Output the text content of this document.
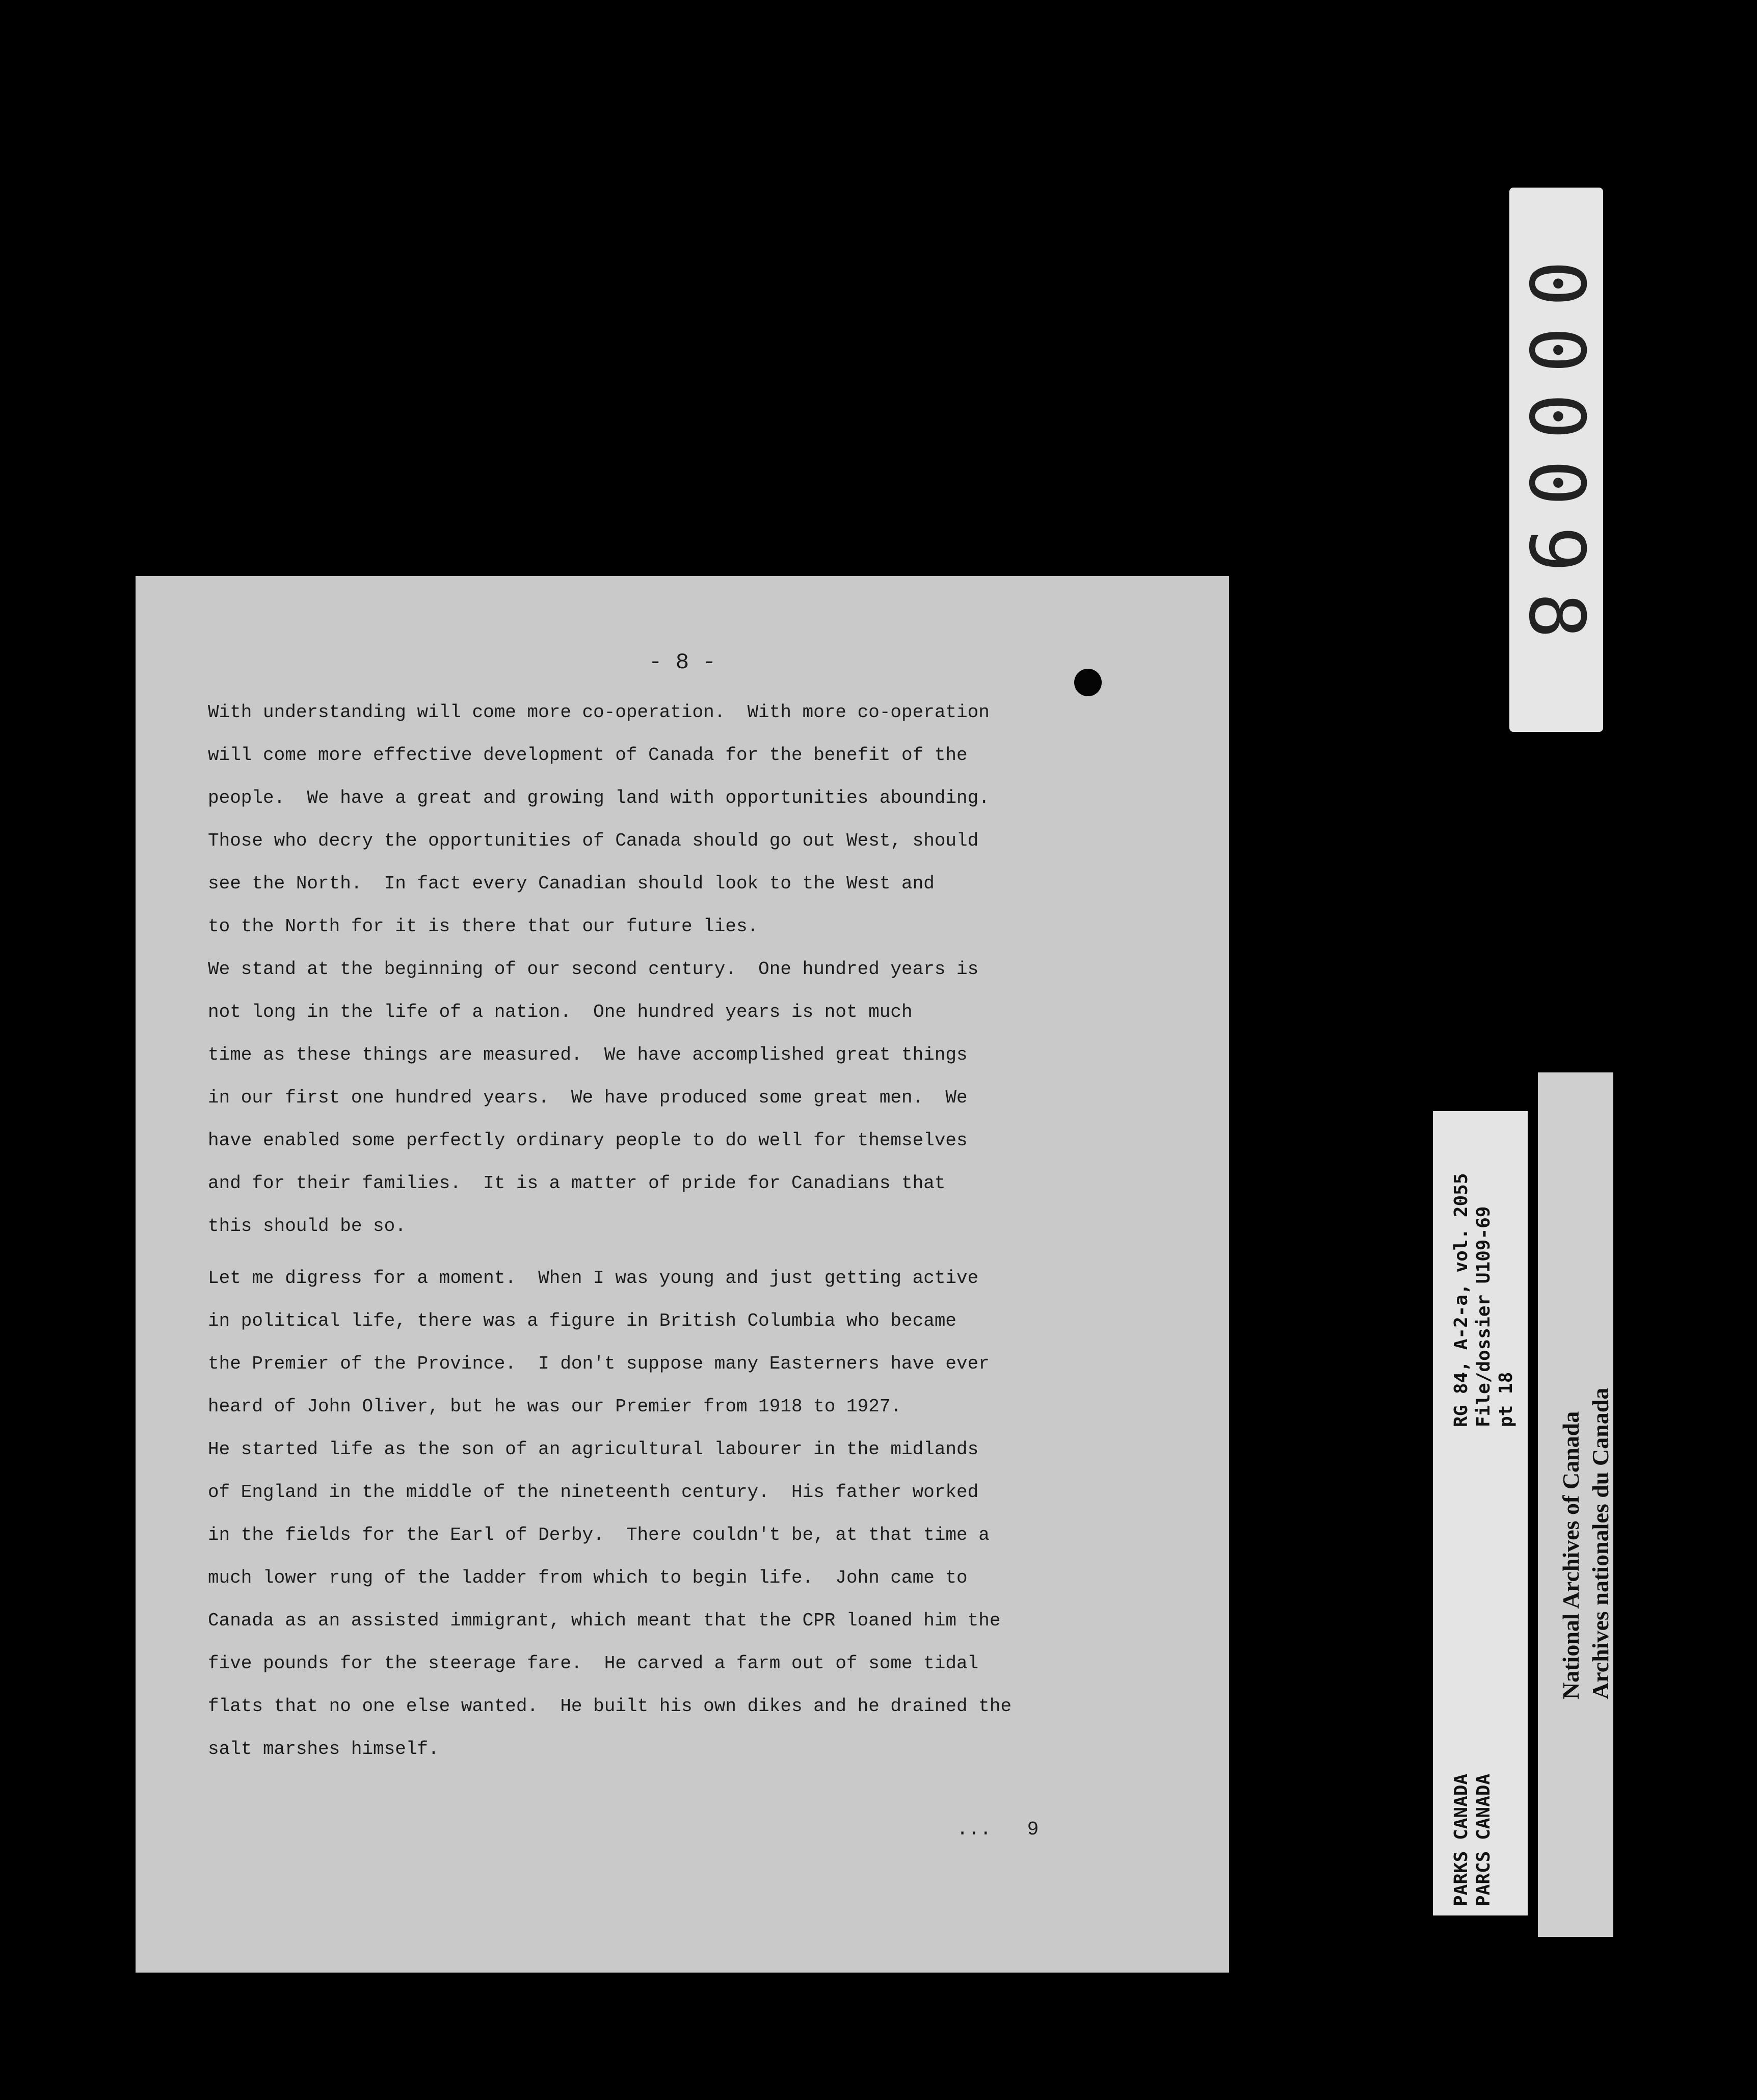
- 8 -
With understanding will come more co-operation.  With more co-operation
will come more effective development of Canada for the benefit of the
people.  We have a great and growing land with opportunities abounding.
Those who decry the opportunities of Canada should go out West, should
see the North.  In fact every Canadian should look to the West and
to the North for it is there that our future lies.
We stand at the beginning of our second century.  One hundred years is
not long in the life of a nation.  One hundred years is not much
time as these things are measured.  We have accomplished great things
in our first one hundred years.  We have produced some great men.  We
have enabled some perfectly ordinary people to do well for themselves
and for their families.  It is a matter of pride for Canadians that
this should be so.
Let me digress for a moment.  When I was young and just getting active
in political life, there was a figure in British Columbia who became
the Premier of the Province.  I don't suppose many Easterners have ever
heard of John Oliver, but he was our Premier from 1918 to 1927.
He started life as the son of an agricultural labourer in the midlands
of England in the middle of the nineteenth century.  His father worked
in the fields for the Earl of Derby.  There couldn't be, at that time a
much lower rung of the ladder from which to begin life.  John came to
Canada as an assisted immigrant, which meant that the CPR loaned him the
five pounds for the steerage fare.  He carved a farm out of some tidal
flats that no one else wanted.  He built his own dikes and he drained the
salt marshes himself.

... 9

000098
PARKS CANADA
PARCS CANADA
RG 84, A-2-a, vol. 2055
File/dossier U109-69
pt 18
National Archives of Canada Archives nationales du Canada
